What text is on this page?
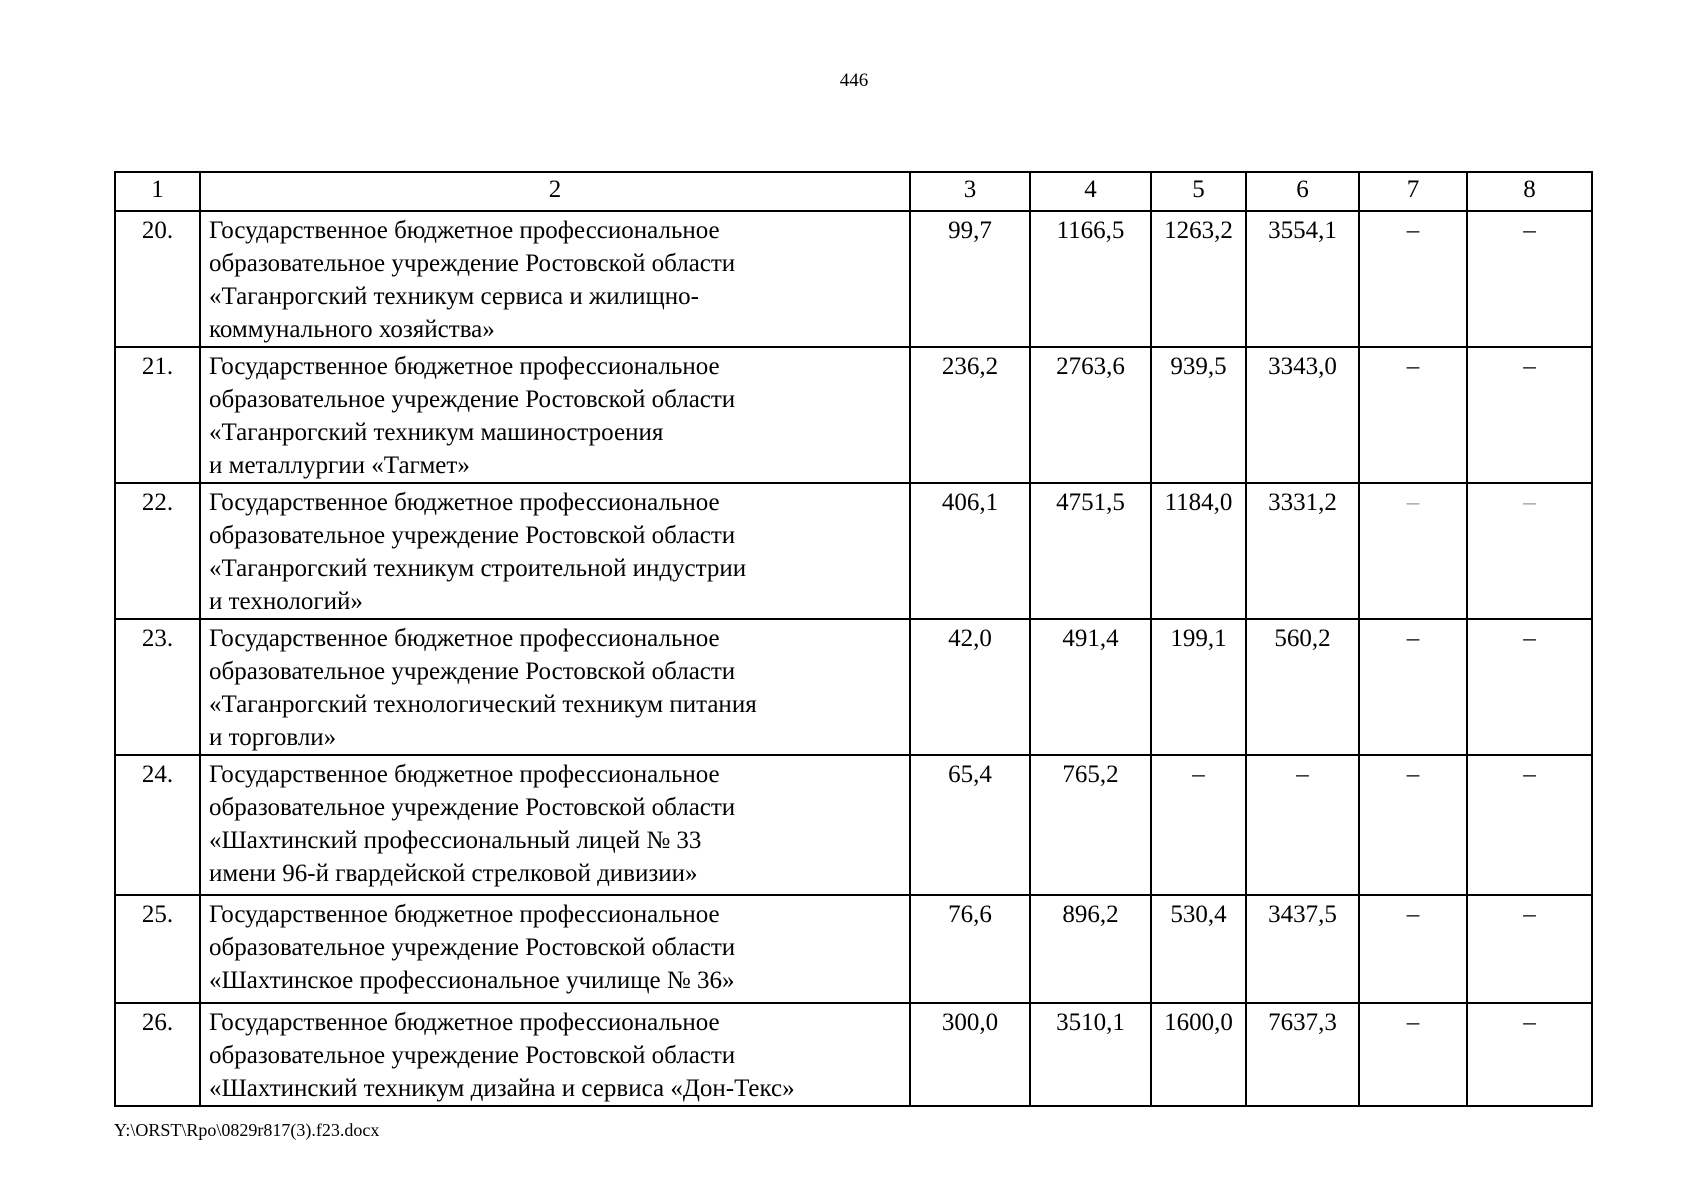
446
1	2	3	4	5	6	7	8
20.	Государственное бюджетное профессиональное
образовательное учреждение Ростовской области
«Таганрогский техникум сервиса и жилищно-
коммунального хозяйства»	99,7	1166,5	1263,2	3554,1	–	–
21.	Государственное бюджетное профессиональное
образовательное учреждение Ростовской области
«Таганрогский техникум машиностроения
и металлургии «Тагмет»	236,2	2763,6	939,5	3343,0	–	–
22.	Государственное бюджетное профессиональное
образовательное учреждение Ростовской области
«Таганрогский техникум строительной индустрии
и технологий»	406,1	4751,5	1184,0	3331,2	–	–
23.	Государственное бюджетное профессиональное
образовательное учреждение Ростовской области
«Таганрогский технологический техникум питания
и торговли»	42,0	491,4	199,1	560,2	–	–
24.	Государственное бюджетное профессиональное
образовательное учреждение Ростовской области
«Шахтинский профессиональный лицей № 33
имени 96-й гвардейской стрелковой дивизии»	65,4	765,2	–	–	–	–
25.	Государственное бюджетное профессиональное
образовательное учреждение Ростовской области
«Шахтинское профессиональное училище № 36»	76,6	896,2	530,4	3437,5	–	–
26.	Государственное бюджетное профессиональное
образовательное учреждение Ростовской области
«Шахтинский техникум дизайна и сервиса «Дон-Текс»	300,0	3510,1	1600,0	7637,3	–	–
Y:\ORST\Rpo\0829r817(3).f23.docx
